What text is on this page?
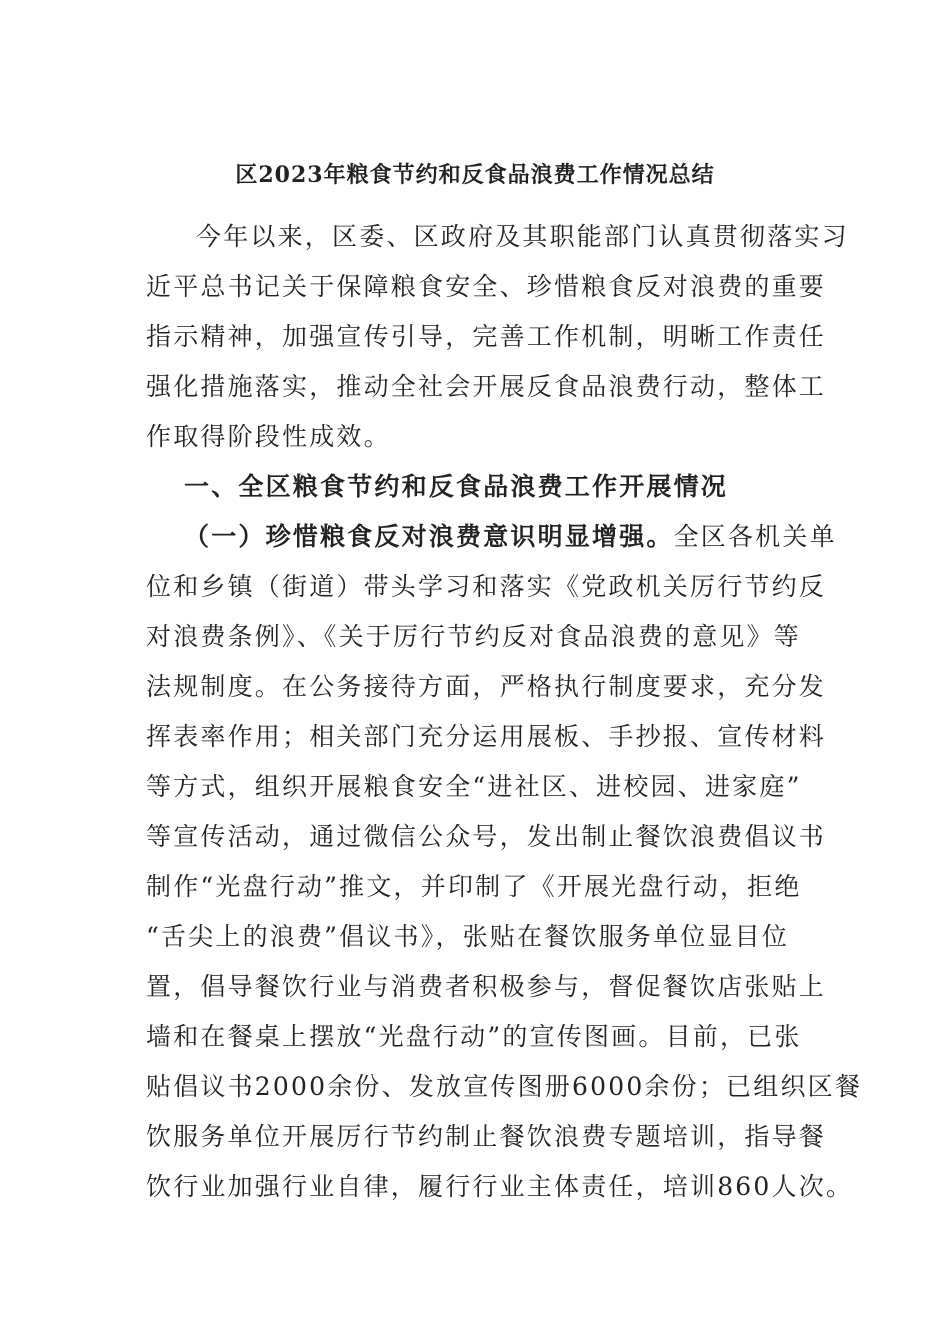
区2023年粮食节约和反食品浪费工作情况总结
今年以来，区委、区政府及其职能部门认真贯彻落实习
近平总书记关于保障粮食安全、珍惜粮食反对浪费的重要
指示精神，加强宣传引导，完善工作机制，明晰工作责任
强化措施落实，推动全社会开展反食品浪费行动，整体工
作取得阶段性成效。
一、全区粮食节约和反食品浪费工作开展情况
（一）珍惜粮食反对浪费意识明显增强。全区各机关单
位和乡镇（街道）带头学习和落实《党政机关厉行节约反
对浪费条例》、《关于厉行节约反对食品浪费的意见》等
法规制度。在公务接待方面，严格执行制度要求，充分发
挥表率作用；相关部门充分运用展板、手抄报、宣传材料
等方式，组织开展粮食安全“进社区、进校园、进家庭”
等宣传活动，通过微信公众号，发出制止餐饮浪费倡议书
制作“光盘行动”推文，并印制了《开展光盘行动，拒绝
“舌尖上的浪费”倡议书》，张贴在餐饮服务单位显目位
置，倡导餐饮行业与消费者积极参与，督促餐饮店张贴上
墙和在餐桌上摆放“光盘行动”的宣传图画。目前，已张
贴倡议书2000余份、发放宣传图册6000余份；已组织区餐
饮服务单位开展厉行节约制止餐饮浪费专题培训，指导餐
饮行业加强行业自律，履行行业主体责任，培训860人次。
